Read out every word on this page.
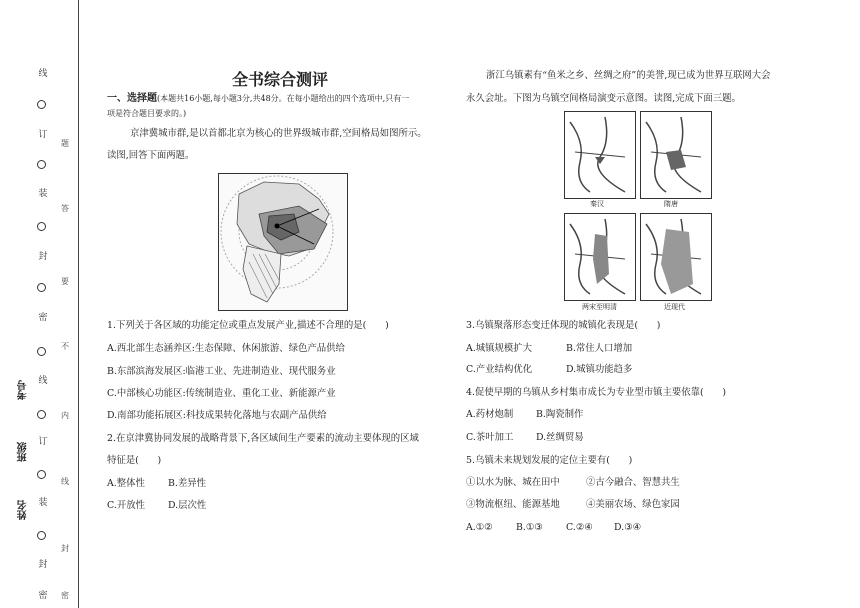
线
订
装
封
密
线
订
装
封
密
题
答
要
不
内
线
封
密
考号
班级
姓名
全书综合测评
一、选择题(本题共16小题,每小题3分,共48分。在每小题给出的四个选项中,只有一
项是符合题目要求的。)
京津冀城市群,是以首都北京为核心的世界级城市群,空间格局如图所示。
读图,回答下面两题。
1.下列关于各区域的功能定位或重点发展产业,描述不合理的是(　　)
A.西北部生态涵养区:生态保障、休闲旅游、绿色产品供给
B.东部滨海发展区:临港工业、先进制造业、现代服务业
C.中部核心功能区:传统制造业、重化工业、新能源产业
D.南部功能拓展区:科技成果转化落地与农副产品供给
2.在京津冀协同发展的战略背景下,各区域间生产要素的流动主要体现的区域
特征是(　　)
A.整体性 B.差异性
C.开放性 D.层次性
浙江乌镇素有“鱼米之乡、丝绸之府”的美誉,现已成为世界互联网大会
永久会址。下图为乌镇空间格局演变示意图。读图,完成下面三题。
秦汉	隋唐
两宋至明清	近现代
3.乌镇聚落形态变迁体现的城镇化表现是(　　)
A.城镇规模扩大	B.常住人口增加
C.产业结构优化	D.城镇功能趋多
4.促使早期的乌镇从乡村集市成长为专业型市镇主要依靠(　　)
A.药材炮制 B.陶瓷制作
C.茶叶加工 D.丝绸贸易
5.乌镇未来规划发展的定位主要有(　　)
①以水为脉、城在田中	②古今融合、智慧共生
③物流枢纽、能源基地	④美丽农场、绿色家园
A.①② B.①③ C.②④ D.③④
